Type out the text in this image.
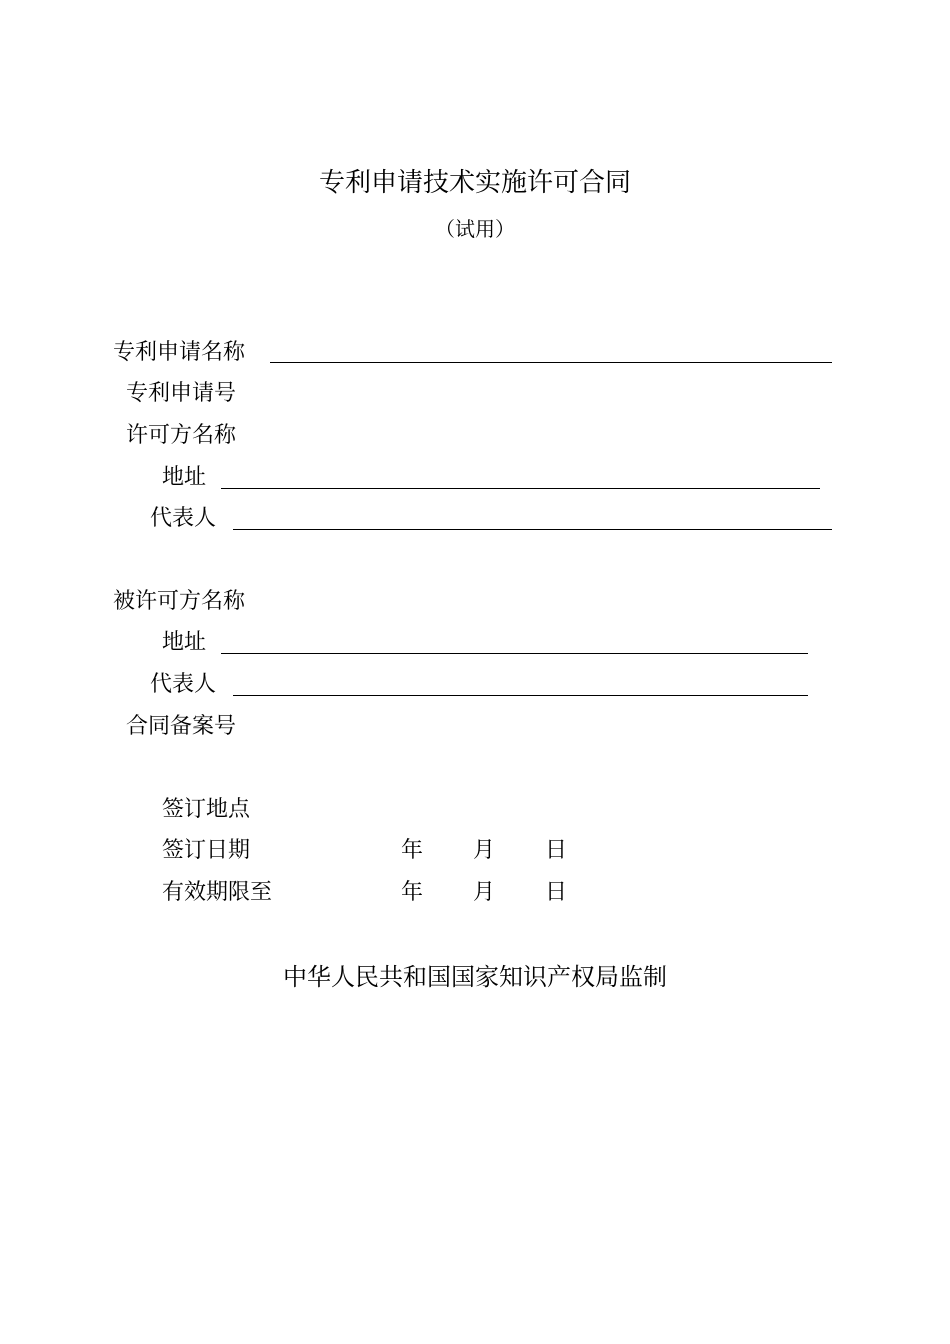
专利申请技术实施许可合同
（试用）
专利申请名称
专利申请号
许可方名称
地址
代表人
被许可方名称
地址
代表人
合同备案号
签订地点
签订日期	年 月 日
有效期限至	年 月 日
中华人民共和国国家知识产权局监制
